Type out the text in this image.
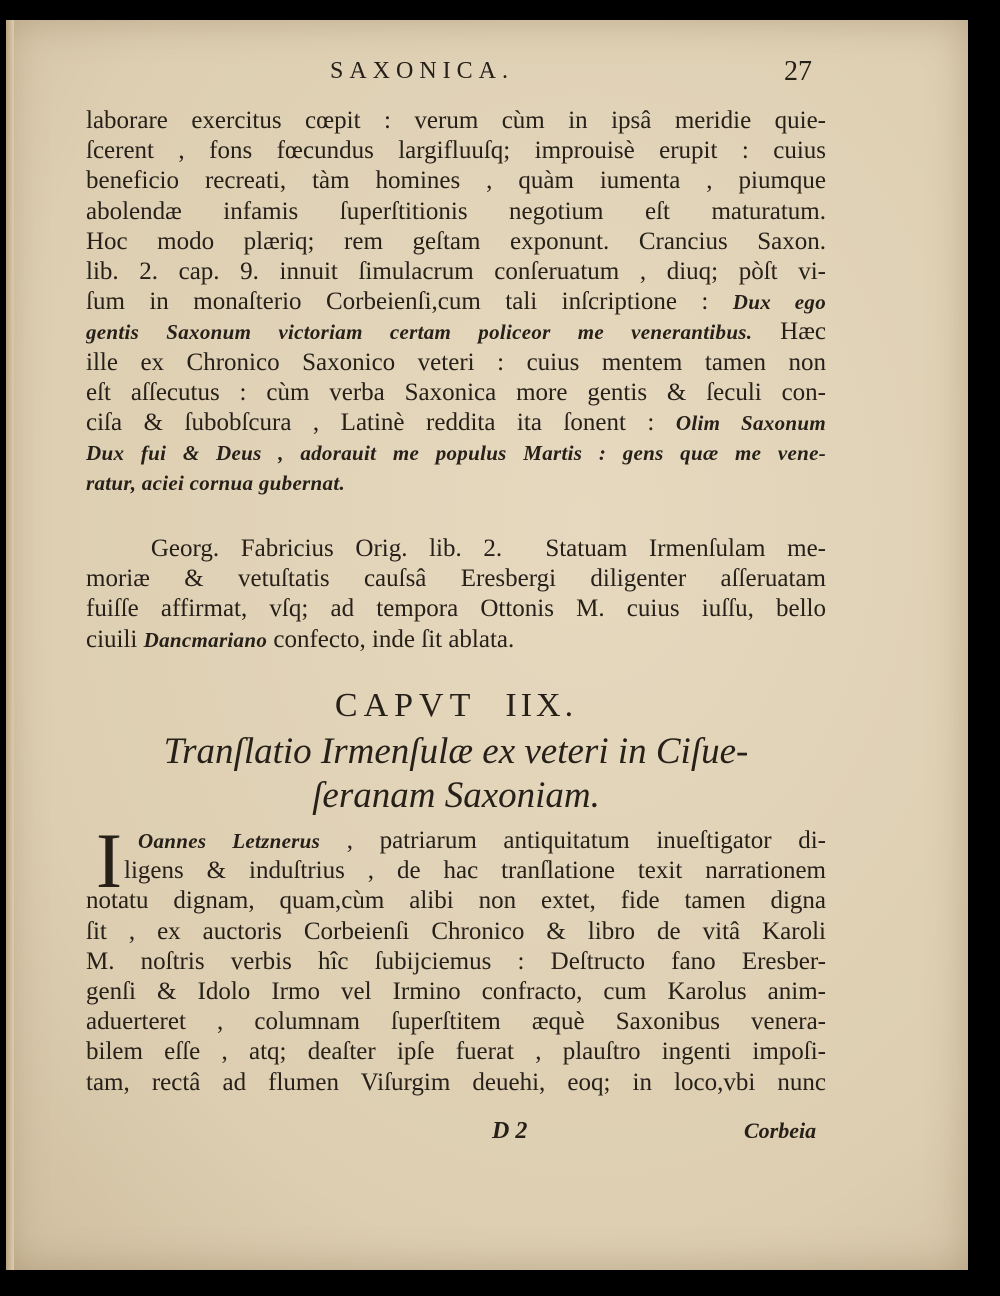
SAXONICA.	27
laborare exercitus cœpit : verum cùm in ipsâ meridie quie-
ſcerent , fons fœcundus largifluuſq; improuisè erupit : cuius
beneficio recreati, tàm homines , quàm iumenta , piumque
abolendæ infamis ſuperſtitionis negotium eſt maturatum.
Hoc modo plæriq; rem geſtam exponunt. Crancius Saxon.
lib. 2. cap. 9. innuit ſimulacrum conſeruatum , diuq; pòſt vi-
ſum in monaſterio Corbeienſi,cum tali inſcriptione : Dux ego
gentis Saxonum victoriam certam policeor me venerantibus. Hæc
ille ex Chronico Saxonico veteri : cuius mentem tamen non
eſt aſſecutus : cùm verba Saxonica more gentis & ſeculi con-
ciſa & ſubobſcura , Latinè reddita ita ſonent : Olim Saxonum
Dux fui & Deus , adorauit me populus Martis : gens quæ me vene-
ratur, aciei cornua gubernat.
Georg. Fabricius Orig. lib. 2.  Statuam Irmenſulam me-
moriæ & vetuſtatis cauſsâ Eresbergi diligenter aſſeruatam
fuiſſe affirmat, vſq; ad tempora Ottonis M. cuius iuſſu, bello
ciuili Dancmariano confecto, inde ſit ablata.
CAPVT IIX.
Tranſlatio Irmenſulæ ex veteri in Ciſue-
ſeranam Saxoniam.
I Oannes Letznerus , patriarum antiquitatum inueſtigator di-
ligens & induſtrius , de hac tranſlatione texit narrationem
notatu dignam, quam,cùm alibi non extet, fide tamen digna
ſit , ex auctoris Corbeienſi Chronico & libro de vitâ Karoli
M. noſtris verbis hîc ſubijciemus : Deſtructo fano Eresber-
genſi & Idolo Irmo vel Irmino confracto, cum Karolus anim-
aduerteret , columnam ſuperſtitem æquè Saxonibus venera-
bilem eſſe , atq; deaſter ipſe fuerat , plauſtro ingenti impoſi-
tam, rectâ ad flumen Viſurgim deuehi, eoq; in loco,vbi nunc
D 2	Corbeia
